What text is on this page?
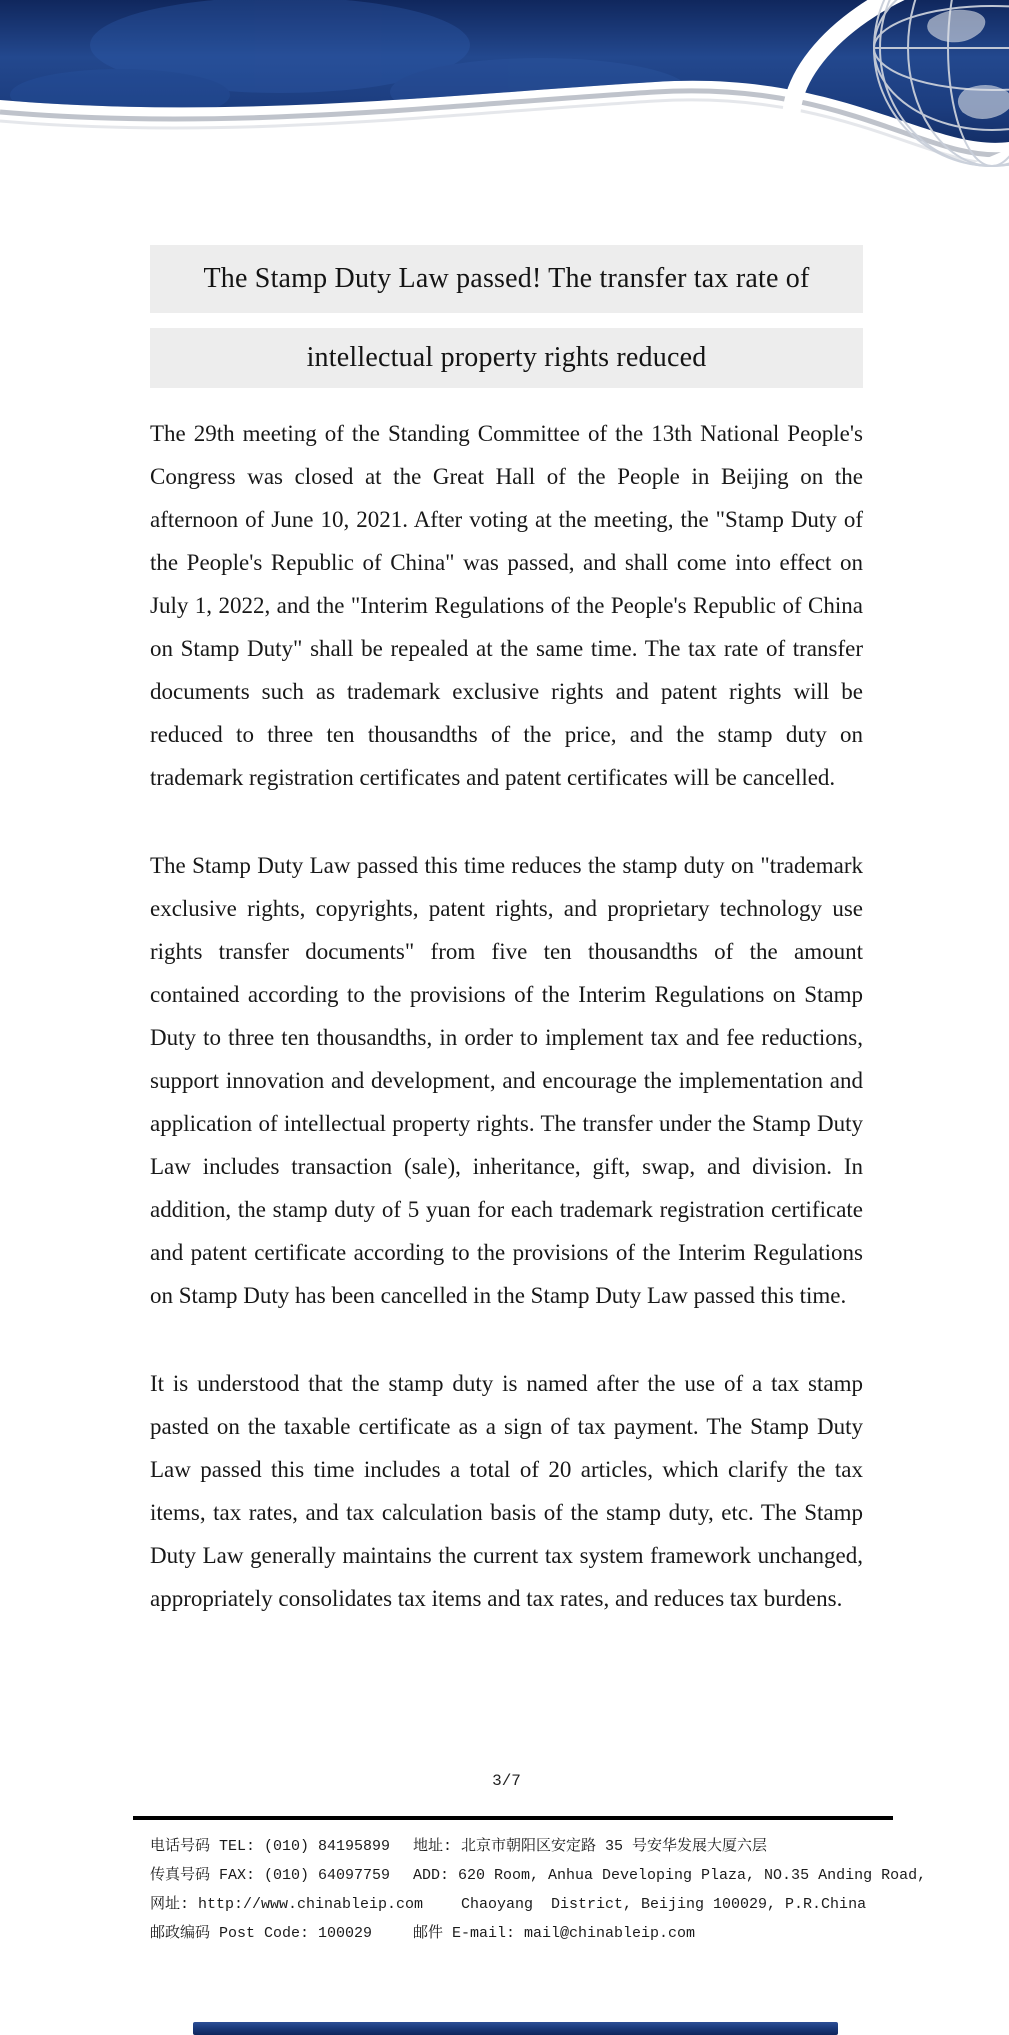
The Stamp Duty Law passed! The transfer tax rate of
intellectual property rights reduced

The 29th meeting of the Standing Committee of the 13th National People's Congress was closed at the Great Hall of the People in Beijing on the afternoon of June 10, 2021. After voting at the meeting, the "Stamp Duty of the People's Republic of China" was passed, and shall come into effect on July 1, 2022, and the "Interim Regulations of the People's Republic of China on Stamp Duty" shall be repealed at the same time. The tax rate of transfer documents such as trademark exclusive rights and patent rights will be reduced to three ten thousandths of the price, and the stamp duty on trademark registration certificates and patent certificates will be cancelled.

The Stamp Duty Law passed this time reduces the stamp duty on "trademark exclusive rights, copyrights, patent rights, and proprietary technology use rights transfer documents" from five ten thousandths of the amount contained according to the provisions of the Interim Regulations on Stamp Duty to three ten thousandths, in order to implement tax and fee reductions, support innovation and development, and encourage the implementation and application of intellectual property rights. The transfer under the Stamp Duty Law includes transaction (sale), inheritance, gift, swap, and division. In addition, the stamp duty of 5 yuan for each trademark registration certificate and patent certificate according to the provisions of the Interim Regulations on Stamp Duty has been cancelled in the Stamp Duty Law passed this time.

It is understood that the stamp duty is named after the use of a tax stamp pasted on the taxable certificate as a sign of tax payment. The Stamp Duty Law passed this time includes a total of 20 articles, which clarify the tax items, tax rates, and tax calculation basis of the stamp duty, etc. The Stamp Duty Law generally maintains the current tax system framework unchanged, appropriately consolidates tax items and tax rates, and reduces tax burdens.

3/7
电话号码 TEL: (010) 84195899
传真号码 FAX: (010) 64097759
网址: http://www.chinableip.com
邮政编码 Post Code: 100029
地址: 北京市朝阳区安定路 35 号安华发展大厦六层
ADD: 620 Room, Anhua Developing Plaza, NO.35 Anding Road,
Chaoyang  District, Beijing 100029, P.R.China
邮件 E-mail: mail@chinableip.com
